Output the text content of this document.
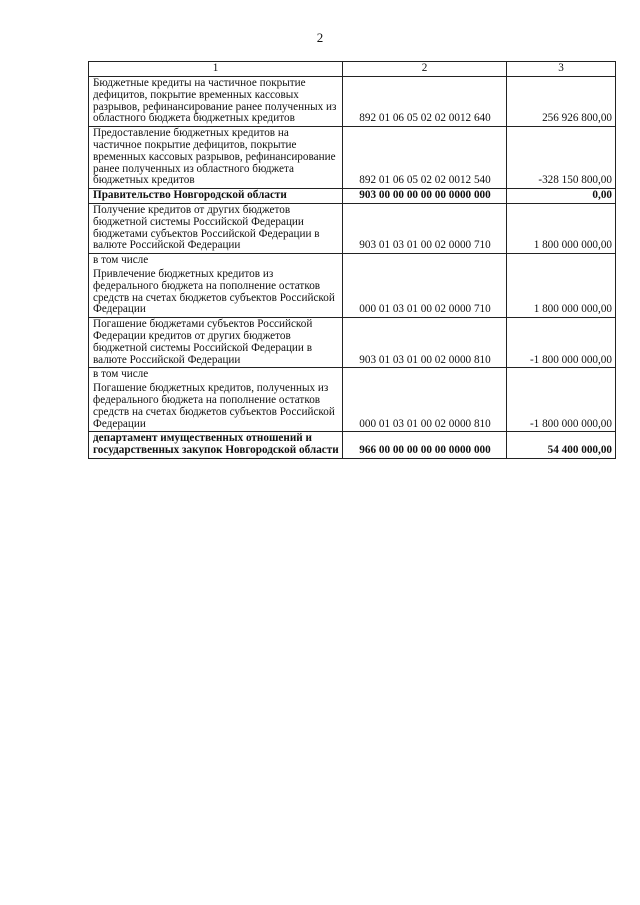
2
1	2	3

Бюджетные кредиты на частичное покрытие дефицитов, покрытие временных кассовых разрывов, рефинансирование ранее полученных из областного бюджета бюджетных кредитов	892 01 06 05 02 02 0012 640	256 926 800,00

Предоставление бюджетных кредитов на частичное покрытие дефицитов, покрытие временных кассовых разрывов, рефинансирование ранее полученных из областного бюджета бюджетных кредитов	892 01 06 05 02 02 0012 540	-328 150 800,00

Правительство Новгородской области	903 00 00 00 00 00 0000 000	0,00

Получение кредитов от других бюджетов бюджетной системы Российской Федерации бюджетами субъектов Российской Федерации в валюте Российской Федерации	903 01 03 01 00 02 0000 710	1 800 000 000,00

в том числе
Привлечение бюджетных кредитов из федерального бюджета на пополнение остатков средств на счетах бюджетов субъектов Российской Федерации	000 01 03 01 00 02 0000 710	1 800 000 000,00

Погашение бюджетами субъектов Российской Федерации кредитов от других бюджетов бюджетной системы Российской Федерации в валюте Российской Федерации	903 01 03 01 00 02 0000 810	-1 800 000 000,00

в том числе
Погашение бюджетных кредитов, полученных из федерального бюджета на пополнение остатков средств на счетах бюджетов субъектов Российской Федерации	000 01 03 01 00 02 0000 810	-1 800 000 000,00

департамент имущественных отношений и государственных закупок Новгородской области	966 00 00 00 00 00 0000 000	54 400 000,00
